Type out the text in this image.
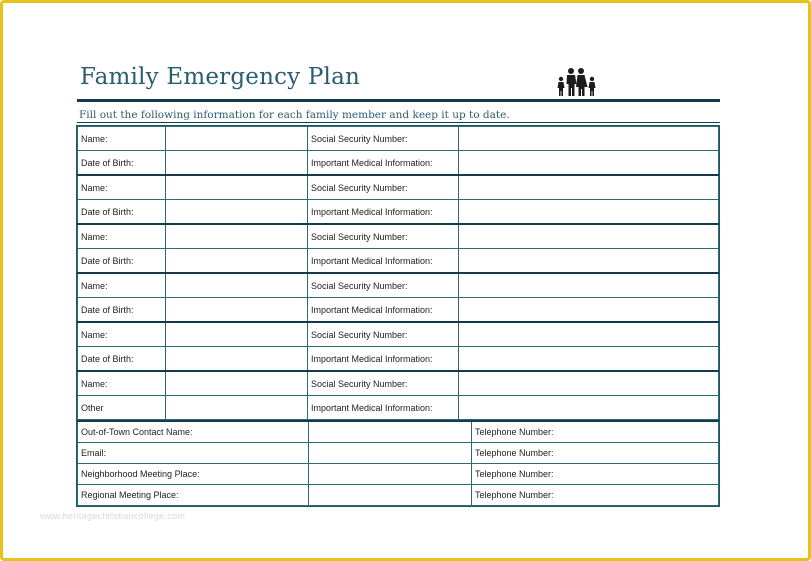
Family Emergency Plan
Fill out the following information for each family member and keep it up to date.
Name:		Social Security Number:	
Date of Birth:		Important Medical Information:	
Name:		Social Security Number:	
Date of Birth:		Important Medical Information:	
Name:		Social Security Number:	
Date of Birth:		Important Medical Information:	
Name:		Social Security Number:	
Date of Birth:		Important Medical Information:	
Name:		Social Security Number:	
Date of Birth:		Important Medical Information:	
Name:		Social Security Number:	
Other		Important Medical Information:	
Out-of-Town Contact Name:		Telephone Number:
Email:		Telephone Number:
Neighborhood Meeting Place:		Telephone Number:
Regional Meeting Place:		Telephone Number:
www.heritagechristiancollege.com
